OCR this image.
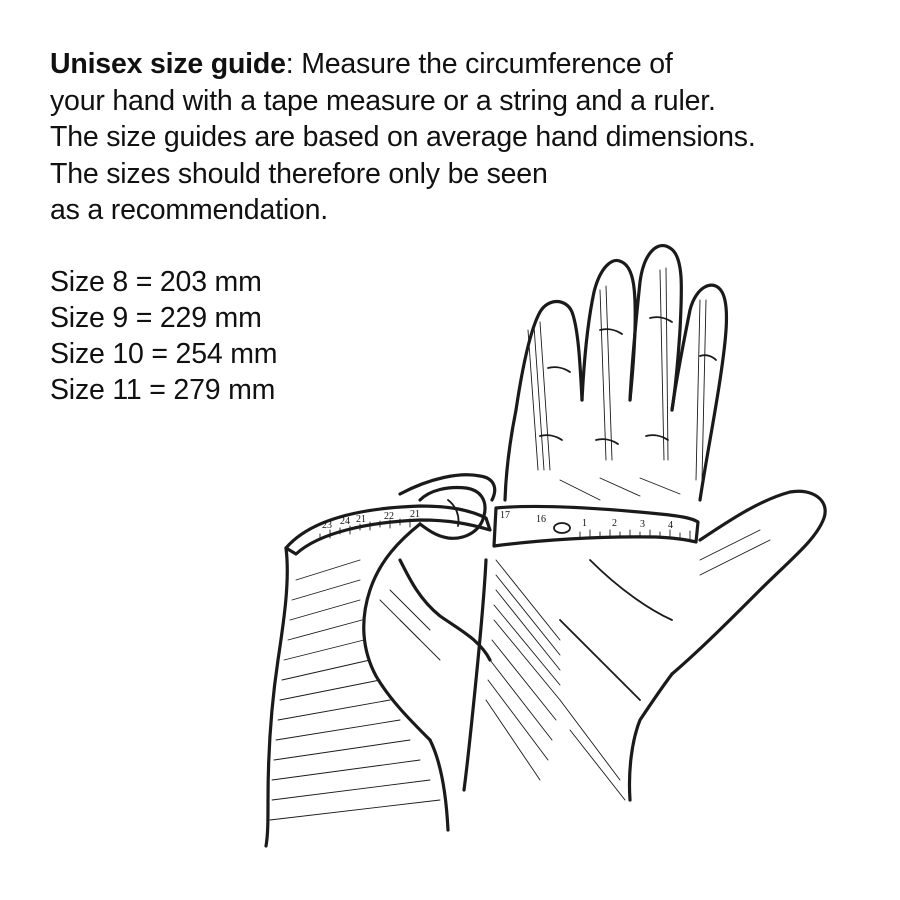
Unisex size guide: Measure the circumference of
your hand with a tape measure or a string and a ruler.
The size guides are based on average hand dimensions.
The sizes should therefore only be seen
as a recommendation.
Size 8 = 203 mm
Size 9 = 229 mm
Size 10 = 254 mm
Size 11 = 279 mm
23 24 21 22 21	17	16	1	2 3 4
